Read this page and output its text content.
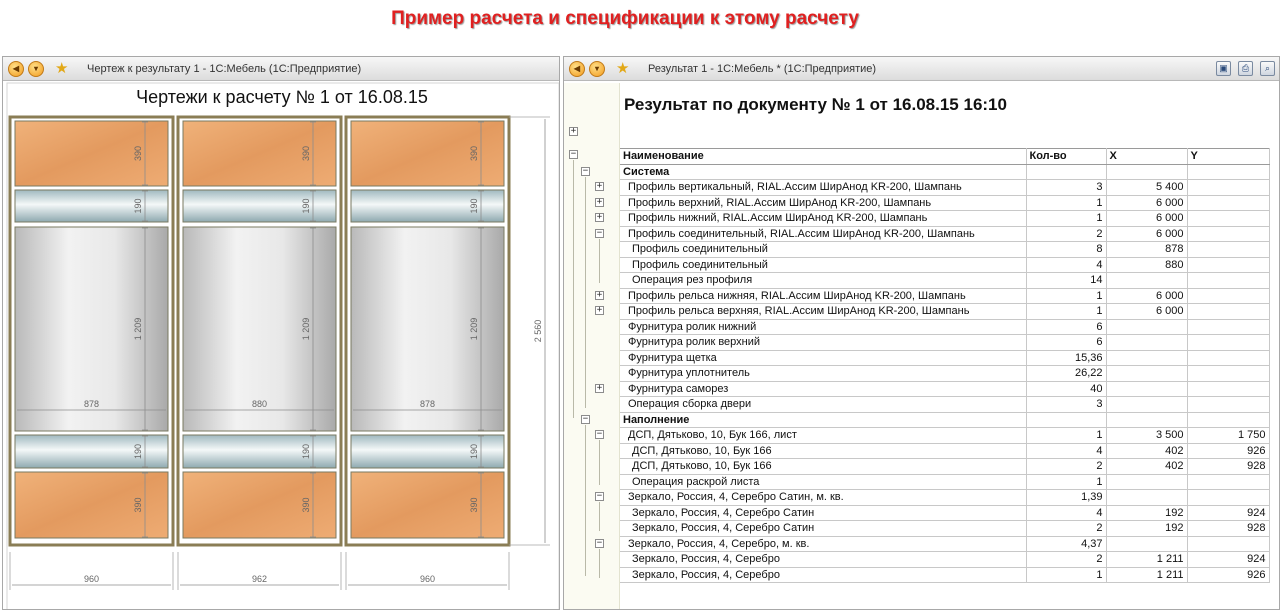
Пример расчета и спецификации к этому расчету
◀	▾	★ Чертеж к результату 1 - 1С:Мебель (1С:Предприятие)
Чертежи к расчету № 1 от 16.08.15
390
190
1 209
190
390
878
960
390
190
1 209
190
390
880
962
390
190
1 209
190
390
878
960
2 560
◀	▾	★ Результат 1 - 1С:Мебель * (1С:Предприятие)	▣	⎙	⌕
+
−
−
+
+
+
−
+
+
+
−
−
−
−
Результат по документу № 1 от 16.08.15 16:10
Наименование	Кол-во	X	Y
Система			
Профиль вертикальный, RIAL.Ассим ШирАнод KR-200, Шампань	3	5 400	
Профиль верхний, RIAL.Ассим ШирАнод KR-200, Шампань	1	6 000	
Профиль нижний, RIAL.Ассим ШирАнод KR-200, Шампань	1	6 000	
Профиль соединительный, RIAL.Ассим ШирАнод KR-200, Шампань	2	6 000	
Профиль соединительный	8	878	
Профиль соединительный	4	880	
Операция рез профиля	14		
Профиль рельса нижняя, RIAL.Ассим ШирАнод KR-200, Шампань	1	6 000	
Профиль рельса верхняя, RIAL.Ассим ШирАнод KR-200, Шампань	1	6 000	
Фурнитура ролик нижний	6		
Фурнитура ролик верхний	6		
Фурнитура щетка	15,36		
Фурнитура уплотнитель	26,22		
Фурнитура саморез	40		
Операция сборка двери	3		
Наполнение			
ДСП, Дятьково, 10, Бук 166, лист	1	3 500	1 750
ДСП, Дятьково, 10, Бук 166	4	402	926
ДСП, Дятьково, 10, Бук 166	2	402	928
Операция раскрой листа	1		
Зеркало, Россия, 4, Серебро Сатин, м. кв.	1,39		
Зеркало, Россия, 4, Серебро Сатин	4	192	924
Зеркало, Россия, 4, Серебро Сатин	2	192	928
Зеркало, Россия, 4, Серебро, м. кв.	4,37		
Зеркало, Россия, 4, Серебро	2	1 211	924
Зеркало, Россия, 4, Серебро	1	1 211	926
